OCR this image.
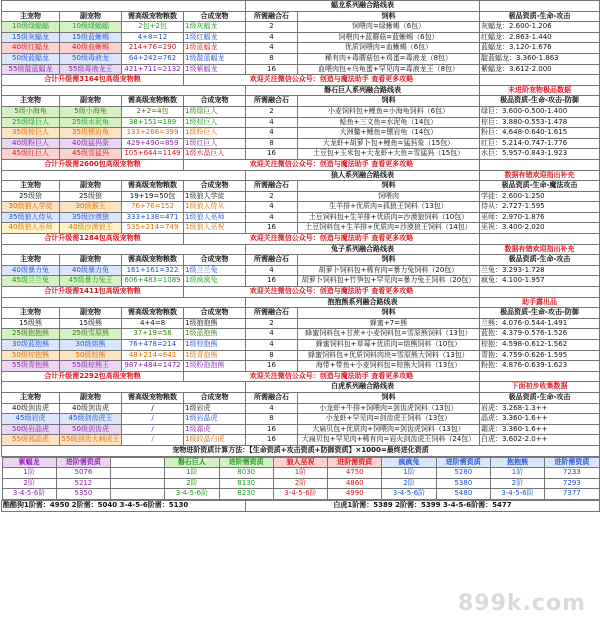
	蝠龙系列融合路线表	
主宠物	副宠物	需高级宠物粮数	合成宠物	所需融合石	饲料	极品资质-生命-攻击
10级绿蝠蝠	10级绿蝠蝠	2包+2包	1级灰蝠龙	2	饲喂肉=绿蜥蜴（6包）	灰蝠龙：2.600-1.206
15级灰蝠龙	15级蓝蜥蜴	4+8=12	1级红蝠龙	4	饲喂肉+蓝蘑菇=蓝蜥蜴（6包）	红蝠龙：2.863-1.440
40级红蝠龙	40级血蜥蜴	214+76=290	1级蓝蝠龙	4	优质饲喂肉=血蜥蜴（6包）	蓝蝠龙：3.120-1.676
50级蓝蝠龙	50级毒液龙	64+242=762	1级靛蓝蝠龙	8	稀有肉+毒蘑菇包+鸡蛋=毒液龙（8包）	靛蓝蝠龙：3.360-1.863
55级靛蓝蝠龙	55级毒液龙王	421+711=2132	1级紫蝠龙	16	血喂肉包+乌龟蛋+罕见肉=毒液龙王（8包）	紫蝠龙：3.612-2.000
合计升级需3164包高级宠物粮	欢迎关注微信公众号：创造与魔法助手 查看更多攻略	
	磐石巨人系列融合路线表	未进阶宠物极品数据
主宠物	副宠物	需高级宠物粮数	合成宠物	所需融合石	饲料	极品资质-生命-攻击-防御
5级小海龟	5级小海龟	2+2=4包	1级绿巨人	2	小麦饲料包+鲤鱼=小海龟饲料（6包）	绿巨：3.600-0.500-1.400
25级绿巨人	25级水泥龟	38+151=189	1级棕巨人	4	鲶鱼+三文鱼=水泥龟（14包）	棕巨：3.880-0.553-1.478
35级棕巨人	35级镖岩龟	133+266=399	1级粉巨人	4	大洲鳖+鲤鱼=镖岩龟（14包）	粉巨：4.648-0.640-1.615
40级粉巨人	40级猛犸象	429+490=859	1级红巨人	8	大龙虾+胡萝卜包+鲤鱼=猛犸象（15包）	红巨：5.214-0.747-1.776
45级红巨人	45级雪猛犸	105+644=1149	1级水晶巨人	16	土豆包+玉米包+大龙虾+大鱼=雪猛犸（15包）	水巨：5.957-0.843-1.923
合计升级需2600包高级宠物粮	欢迎关注微信公众号：创造与魔法助手 查看更多攻略	
	狼人系列融合路线表	数据有错欢迎指出补充
主宠物	副宠物	需高级宠物粮数	合成宠物	所需融合石	饲料	极品资质-生命-魔法攻击
25级狼	25级狼	19+19=50包	1级狼人学徒	2	饲喂肉	学徒：2.600-1.250
30级狼人学徒	30级猴王	76+76=152	1级狼人侍从	4	生羊排+优质肉=孤狼王饲料（13包）	侍从：2.727-1.595
35级狼人侍从	35级沙漠狼	333+138=471	1级狼人巫师	4	土豆饲料包+生羊排+优质肉=沙漠狼饲料（10包）	巫师：2.970-1.876
40级狼人巫师	40级沙漠狼王	535+214=749	1级狼人巫祝	16	土豆饲料包+生羊排+优质肉=沙漠狼王饲料（14包）	巫祝：3.400-2.020
合计升级需1284包高级宠物粮	欢迎关注微信公众号：创造与魔法助手 查看更多攻略	
	兔子系列融合路线表	数据有错欢迎指出补充
主宠物	副宠物	需高级宠物粮数	合成宠物	所需融合石	饲料	极品资质-生命-攻击
40级暴力兔	40级暴力兔	161+161=322	1级兰兰兔	4	胡萝卜饲料包+稀有肉=暴力兔饲料（20包）	兰兔：3.293-1.728
45级兰兰兔	45级暴力兔王	606+483=1089	1级疯疯兔	16	胡萝卜饲料包+竹笋包+罕见肉=暴力兔王饲料（20包）	疯兔：4.100-1.957
合计升级需1411包高级宠物粮	欢迎关注微信公众号：创造与魔法助手 查看更多攻略	
	抱抱熊系列融合路线表	助手露出品
主宠物	副宠物	需高级宠物粮数	合成宠物	所需融合石	饲料	极品资质-生命-攻击-防御
15级熊	15级熊	4+4=8	1级抱抱熊	2	蜂蜜+7=熊	兰熊：4.076-0.544-1.491
25级抱抱熊	25级雪原熊	37+19=56	1级蓝抱熊	4	蜂蜜饲料包+甘蔗+小麦饲料包=雪原熊饲料（13包）	蓝抱：4.379-0.576-1.526
30级蓝抱熊	30级熔熊	76+478=214	1级棕抱熊	4	蜂蜜饲料包+草莓+优质肉=熔熊饲料（10包）	棕抱：4.598-0.612-1.562
50级棕抱熊	50级棕熊	48+214=642	1级青抱熊	8	蜂蜜饲料包+优质饲料肉块=雪原熊大饲料（13包）	青抱：4.759-0.626-1.595
55级青抱熊	55级棕熊王	987+484=1472	1级粉抱抱熊	16	海带+带鱼+小麦饲料包=棕熊大饲料（13包）	粉抱：4.876-0.639-1.623
合计升级需2292包高级宠物粮	欢迎关注微信公众号：创造与魔法助手 查看更多攻略	
	白虎系列融合路线表	下面初步收集数据
主宠物	副宠物	需高级宠物粮数	合成宠物	所需融合石	饲料	极品资质-生命-攻击
40级剑齿虎	40级剑齿虎	/	1级岩虎	4	小龙虾+牛排+饲喂肉=剑齿虎饲料（13包）	岩虎：3.268-1.3++
45级岩虎	45级剑齿虎王	/	1级岩晶虎	8	小龙虾+罕见肉=剑齿虎王饲料（13包）	晶虎：3.360-1.6++
50级岩晶虎	50级剑齿虎	/	1级霜虎	16	大扁贝包+优质肉+饲喂肉=剑齿虎饲料（13包）	霜虎：3.360-1.6++
55级邪晶虎	55级剑齿大刺虎王	/	1级皎晶白虎	16	大扁贝包+罕见肉+稀有肉=岩火剑齿虎王饲料（24包）	白虎：3.602-2.0++
宠物进阶资质计算方法：【生命资质+攻击资质+防御资质】×1000=最终进化资质

紫蝠龙	进阶需资质		磐石巨人	进阶需资质	狼人巫祝	进阶需资质	疯疯兔	进阶需资质	抱抱熊	进阶需资质
1阶	5076		1阶	8030	1阶	4750	1阶	5280	1阶	7233
2阶	5212		2阶	8130	2阶	4860	2阶	5380	2阶	7293
3-4-5-6阶	5350		3-4-5-6阶	8230	3-4-5-6阶	4990	3-4-5-6阶	5480	3-4-5-6阶	7377

酷酷狗1阶需：4950 2阶需：5040 3-4-5-6阶需：5130	白虎1阶需：5389 2阶需：5399 3-4-5-6阶需：5477
899k.com
